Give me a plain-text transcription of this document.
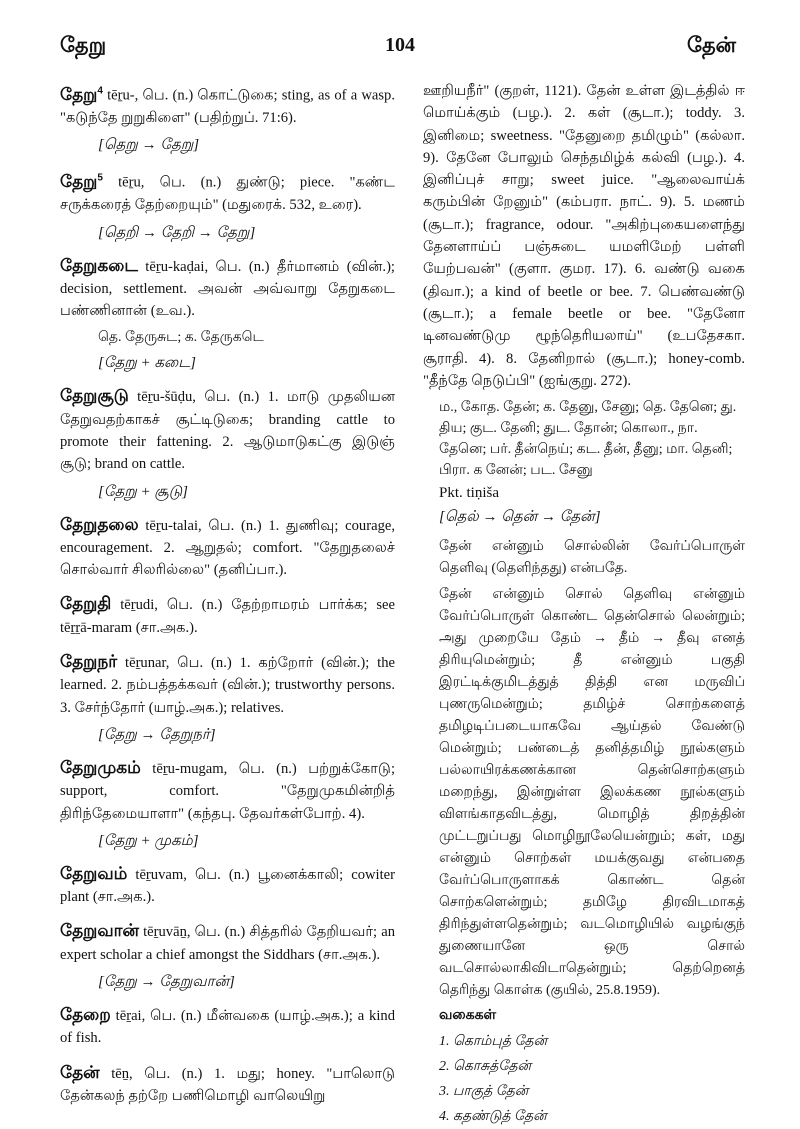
தேறு	104	தேன்

தேறு$^4$ tēṟu-, பெ. (n.) கொட்டுகை; sting, as of a wasp. "கடுந்தே றுறுகிளை" (பதிற்றுப். 71:6).

[தெறு → தேறு]

தேறு$^5$ tēṟu, பெ. (n.) துண்டு; piece. "கண்ட சருக்கரைத் தேற்றையும்" (மதுரைக். 532, உரை).

[தெறி → தேறி → தேறு]

தேறுகடை tēṟu-kaḍai, பெ. (n.) தீர்மானம் (வின்.); decision, settlement. அவன் அவ்வாறு தேறுகடை பண்ணினான் (உவ.).

தெ. தேருசுட; க. தேருகடெ
[தேறு + கடை]

தேறுசூடு tēṟu-šūḍu, பெ. (n.) 1. மாடு முதலியன தேறுவதற்காகச் சூட்டிடுகை; branding cattle to promote their fattening. 2. ஆடுமாடுகட்கு இடுஞ் சூடு; brand on cattle.

[தேறு + சூடு]

தேறுதலை tēṟu-talai, பெ. (n.) 1. துணிவு; courage, encouragement. 2. ஆறுதல்; comfort. "தேறுதலைச் சொல்வார் சிலரில்லை" (தனிப்பா.).

தேறுதி tēṟudi, பெ. (n.) தேற்றாமரம் பார்க்க; see tēṟṟā-maram (சா.அக.).

தேறுநர் tēṟunar, பெ. (n.) 1. கற்றோர் (வின்.); the learned. 2. நம்பத்தக்கவர் (வின்.); trustworthy persons. 3. சேர்ந்தோர் (யாழ்.அக.); relatives.

[தேறு → தேறுநர்]

தேறுமுகம் tēṟu-mugam, பெ. (n.) பற்றுக்கோடு; support, comfort. "தேறுமுகமின்றித் திரிந்தேமையாளா" (கந்தபு. தேவர்கள்போற். 4).

[தேறு + முகம்]

தேறுவம் tēṟuvam, பெ. (n.) பூனைக்காலி; cowiter plant (சா.அக.).

தேறுவான் tēṟuvāṉ, பெ. (n.) சித்தரில் தேறியவர்; an expert scholar a chief amongst the Siddhars (சா.அக.).

[தேறு → தேறுவான்]

தேறை tēṟai, பெ. (n.) மீன்வகை (யாழ்.அக.); a kind of fish.

தேன் tēṉ, பெ. (n.) 1. மது; honey. "பாலொடு தேன்கலந் தற்றே பணிமொழி வாலெயிறு

ஊறியநீர்" (குறள், 1121). தேன் உள்ள இடத்தில் ஈ மொய்க்கும் (பழ.). 2. கள் (சூடா.); toddy. 3. இனிமை; sweetness. "தேனுறை தமிழும்" (கல்லா. 9). தேனே போலும் செந்தமிழ்க் கல்வி (பழ.). 4. இனிப்புச் சாறு; sweet juice. "ஆலைவாய்க் கரும்பின் றேனும்" (கம்பரா. நாட். 9). 5. மணம் (சூடா.); fragrance, odour. "அகிற்புகையளைந்து தேனளாய்ப் பஞ்சுடை யமளிமேற் பள்ளி யேற்பவன்" (குளா. குமர. 17). 6. வண்டு வகை (திவா.); a kind of beetle or bee. 7. பெண்வண்டு (சூடா.); a female beetle or bee. "தேனோ டினவண்டுமு ழூந்தெரியலாய்" (உபதேசகா. சூராதி. 4). 8. தேனிறால் (சூடா.); honey-comb. "தீந்தே நெடுப்பி" (ஐங்குறு. 272).

ம., கோத. தேன்; க. தேனு, சேனு; தெ. தேனெ; து. திய; குட. தேனி; துட. தோன்; கொலா., நா. தேனெ; பர். தீன்நெய்; கட. தீன், தீனு; மா. தெனி; பிரா. க னேன்; பட. சேனு
Pkt. tiṇiša
[தெல் → தென் → தேன்]
தேன் என்னும் சொல்லின் வேர்ப்பொருள் தெளிவு (தெளிந்தது) என்பதே.
தேன் என்னும் சொல் தெளிவு என்னும் வேர்ப்பொருள் கொண்ட தென்சொல் லென்றும்; அது முறையே தேம் → தீம் → தீவு எனத் திரியுமென்றும்; தீ என்னும் பகுதி இரட்டிக்குமிடத்துத் தித்தி என மருவிப் புணருமென்றும்; தமிழ்ச் சொற்களைத் தமிழடிப்படையாகவே ஆய்தல் வேண்டு மென்றும்; பண்டைத் தனித்தமிழ் நூல்களும் பல்லாயிரக்கணக்கான தென்சொற்களும் மறைந்து, இன்றுள்ள இலக்கண நூல்களும் விளங்காதவிடத்து, மொழித் திறத்தின் முட்டறுப்பது மொழிநூலேயென்றும்; கள், மது என்னும் சொற்கள் மயக்குவது என்பதை வேர்ப்பொருளாகக் கொண்ட தென் சொற்களென்றும்; தமிழே திரவிடமாகத் திரிந்துள்ளதென்றும்; வடமொழியில் வழங்குந் துணையானே ஒரு சொல் வடசொல்லாகிவிடாதென்றும்; தெற்றெனத் தெரிந்து கொள்க (குயில், 25.8.1959).
வகைகள்
1. கொம்புத் தேன்
2. கொசுத்தேன்
3. பாகுத் தேன்
4. கதண்டுத் தேன்
